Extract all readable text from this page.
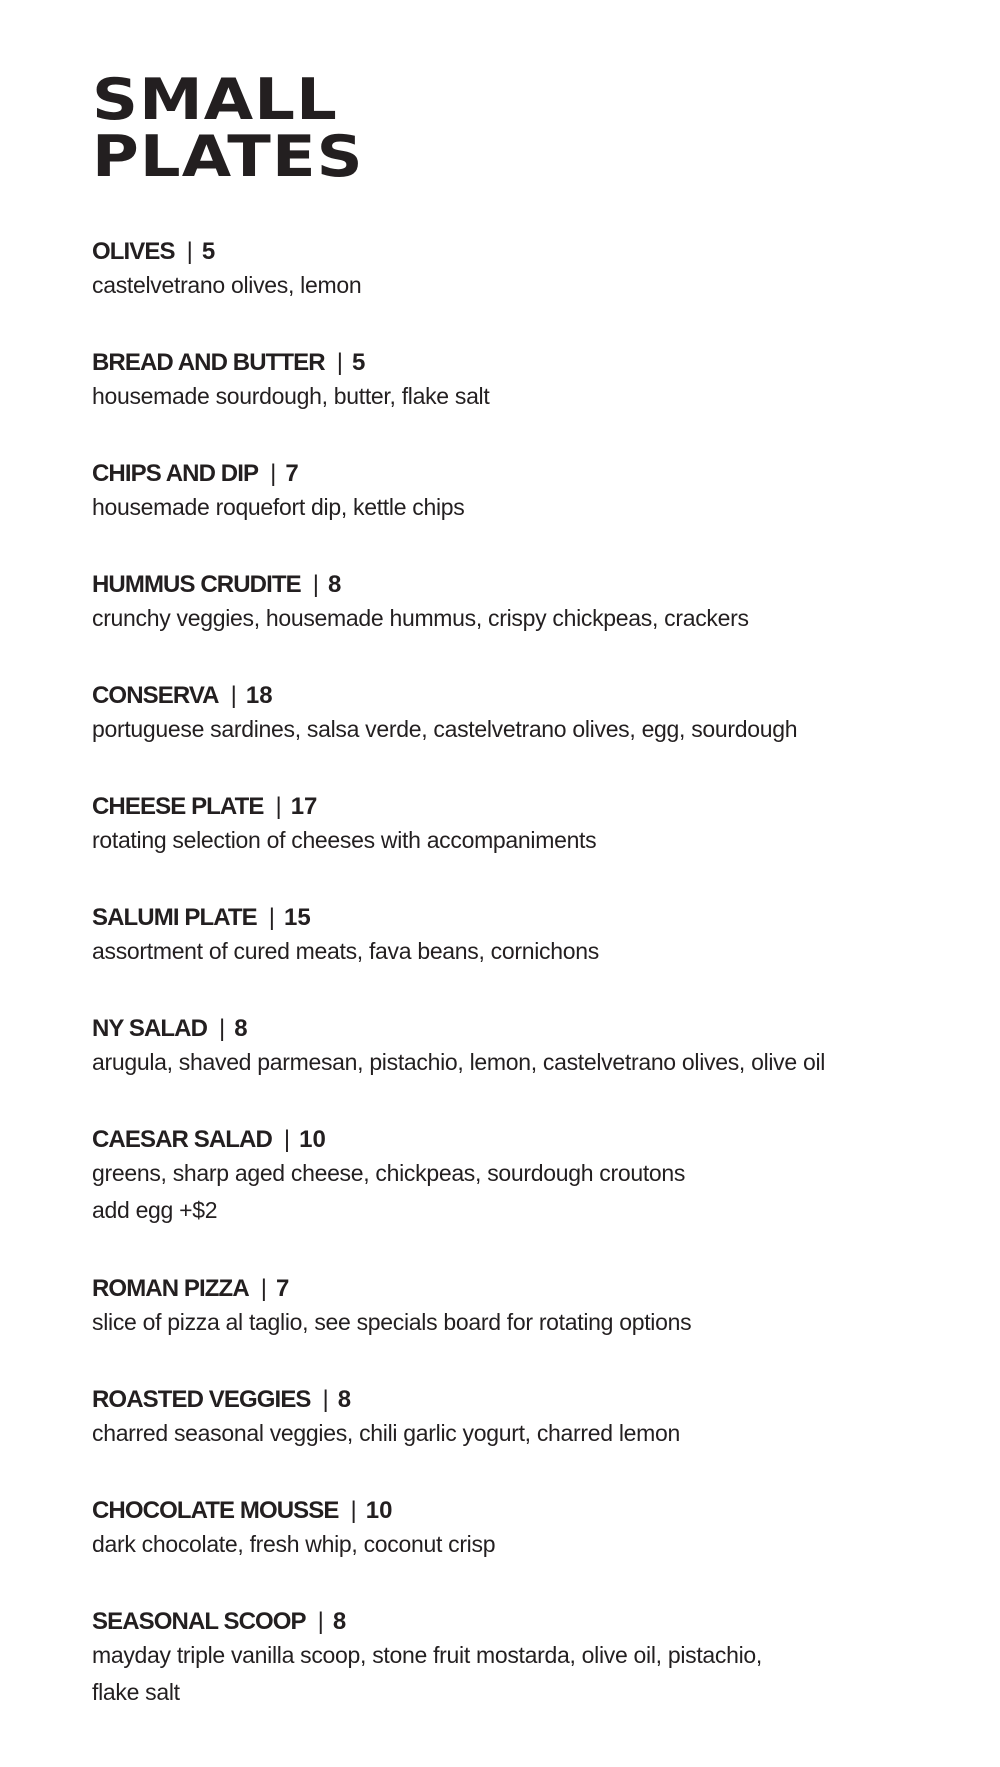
SMALL
PLATES
OLIVES | 5
castelvetrano olives, lemon
BREAD AND BUTTER | 5
housemade sourdough, butter, flake salt
CHIPS AND DIP | 7
housemade roquefort dip, kettle chips
HUMMUS CRUDITE | 8
crunchy veggies, housemade hummus, crispy chickpeas, crackers
CONSERVA | 18
portuguese sardines, salsa verde, castelvetrano olives, egg, sourdough
CHEESE PLATE | 17
rotating selection of cheeses with accompaniments
SALUMI PLATE | 15
assortment of cured meats, fava beans, cornichons
NY SALAD | 8
arugula, shaved parmesan, pistachio, lemon, castelvetrano olives, olive oil
CAESAR SALAD | 10
greens, sharp aged cheese, chickpeas, sourdough croutons
add egg +$2
ROMAN PIZZA | 7
slice of pizza al taglio, see specials board for rotating options
ROASTED VEGGIES | 8
charred seasonal veggies, chili garlic yogurt, charred lemon
CHOCOLATE MOUSSE | 10
dark chocolate, fresh whip, coconut crisp
SEASONAL SCOOP | 8
mayday triple vanilla scoop, stone fruit mostarda, olive oil, pistachio,
flake salt
